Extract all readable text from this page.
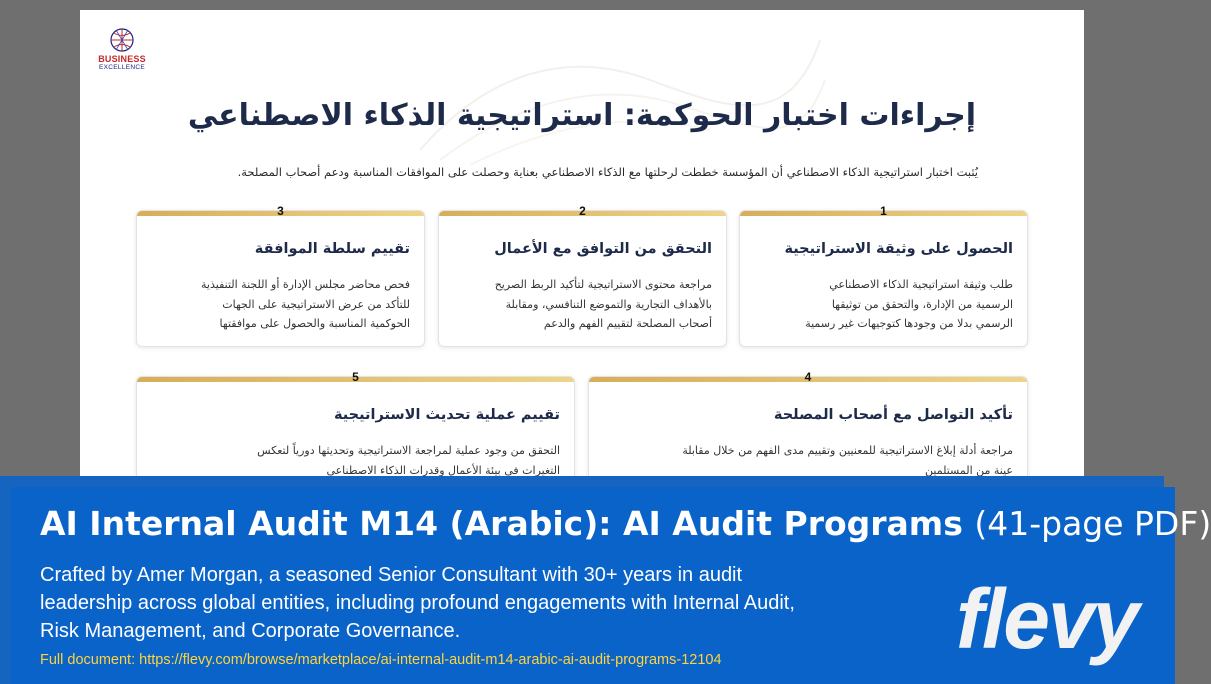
BUSINESS
EXCELLENCE
إجراءات اختبار الحوكمة: استراتيجية الذكاء الاصطناعي
يُثبت اختبار استراتيجية الذكاء الاصطناعي أن المؤسسة خططت لرحلتها مع الذكاء الاصطناعي بعناية وحصلت على الموافقات المناسبة ودعم أصحاب المصلحة.
3
تقييم سلطة الموافقة
فحص محاضر مجلس الإدارة أو اللجنة التنفيذية
للتأكد من عرض الاستراتيجية على الجهات
الحوكمية المناسبة والحصول على موافقتها
2
التحقق من التوافق مع الأعمال
مراجعة محتوى الاستراتيجية لتأكيد الربط الصريح
بالأهداف التجارية والتموضع التنافسي، ومقابلة
أصحاب المصلحة لتقييم الفهم والدعم
1
الحصول على وثيقة الاستراتيجية
طلب وثيقة استراتيجية الذكاء الاصطناعي
الرسمية من الإدارة، والتحقق من توثيقها
الرسمي بدلا من وجودها كتوجيهات غير رسمية
5
تقييم عملية تحديث الاستراتيجية
التحقق من وجود عملية لمراجعة الاستراتيجية وتحديثها دورياً لتعكس
التغيرات في بيئة الأعمال وقدرات الذكاء الاصطناعي
4
تأكيد التواصل مع أصحاب المصلحة
مراجعة أدلة إبلاغ الاستراتيجية للمعنيين وتقييم مدى الفهم من خلال مقابلة
عينة من المستلمين
AI Internal Audit M14 (Arabic): AI Audit Programs (41-page PDF)
Crafted by Amer Morgan, a seasoned Senior Consultant with 30+ years in audit leadership across global entities, including profound engagements with Internal Audit, Risk Management, and Corporate Governance.
Full document: https://flevy.com/browse/marketplace/ai-internal-audit-m14-arabic-ai-audit-programs-12104	flevy
